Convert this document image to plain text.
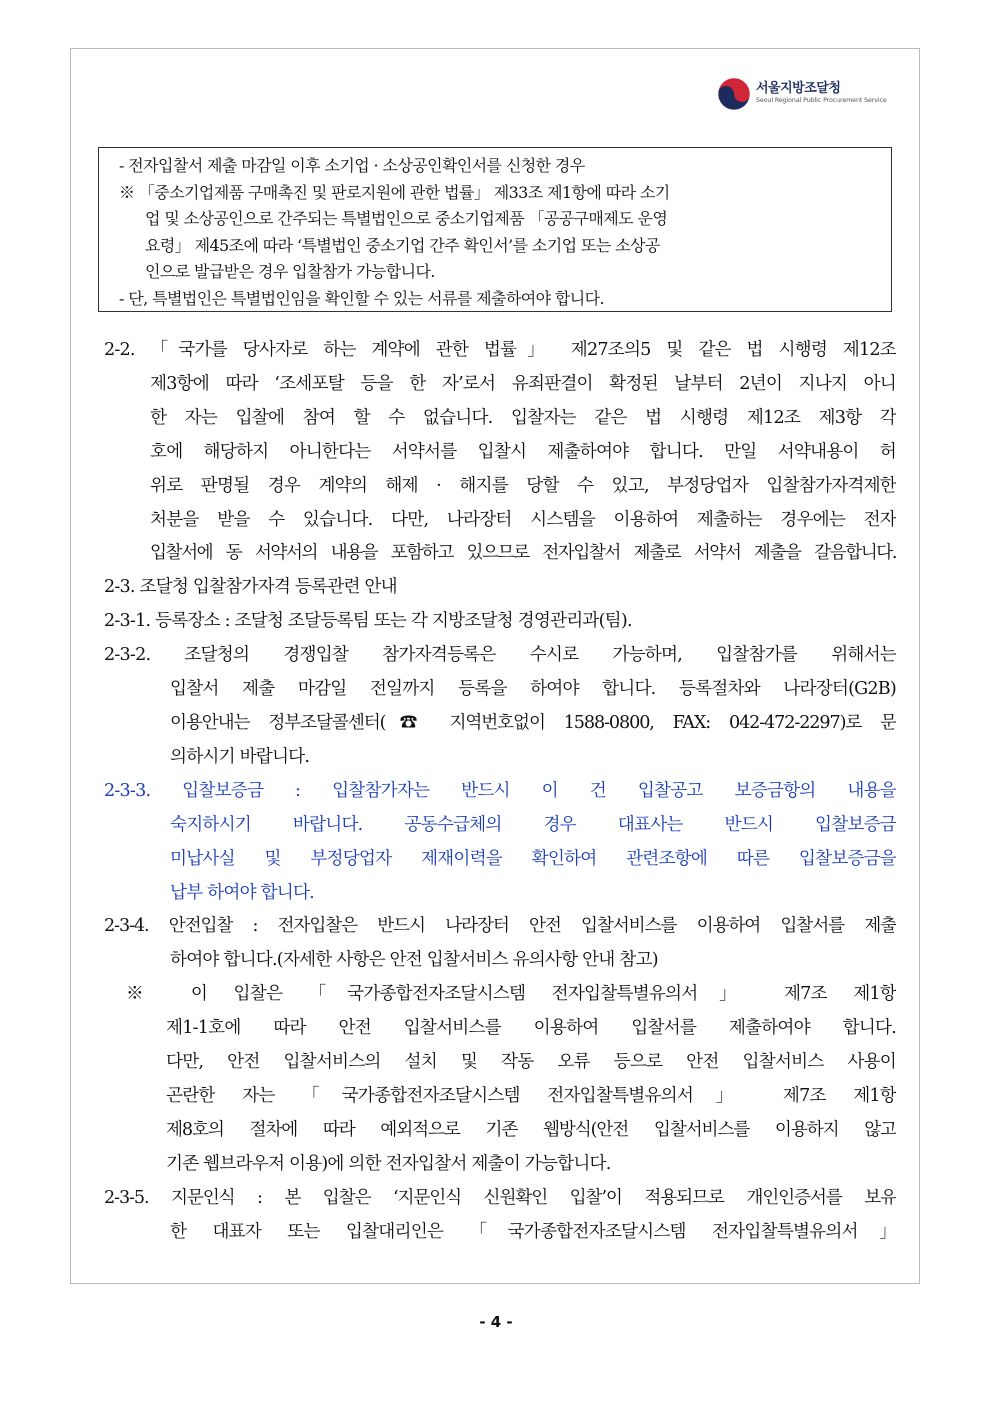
서울지방조달청
Seoul Regional Public Procurement Service
- 전자입찰서 제출 마감일 이후 소기업 · 소상공인확인서를 신청한 경우
※ 「중소기업제품 구매촉진 및 판로지원에 관한 법률」 제33조 제1항에 따라 소기
업 및 소상공인으로 간주되는 특별법인으로 중소기업제품 「공공구매제도 운영
요령」 제45조에 따라 ‘특별법인 중소기업 간주 확인서’를 소기업 또는 소상공
인으로 발급받은 경우 입찰참가 가능합니다.
- 단, 특별법인은 특별법인임을 확인할 수 있는 서류를 제출하여야 합니다.
2-2. 「국가를 당사자로 하는 계약에 관한 법률」 제27조의5 및 같은 법 시행령 제12조
제3항에 따라 ‘조세포탈 등을 한 자’로서 유죄판결이 확정된 날부터 2년이 지나지 아니
한 자는 입찰에 참여 할 수 없습니다. 입찰자는 같은 법 시행령 제12조 제3항 각
호에 해당하지 아니한다는 서약서를 입찰시 제출하여야 합니다. 만일 서약내용이 허
위로 판명될 경우 계약의 해제 · 해지를 당할 수 있고, 부정당업자 입찰참가자격제한
처분을 받을 수 있습니다. 다만, 나라장터 시스템을 이용하여 제출하는 경우에는 전자
입찰서에 동 서약서의 내용을 포함하고 있으므로 전자입찰서 제출로 서약서 제출을 갈음합니다.
2-3. 조달청 입찰참가자격 등록관련 안내
2-3-1. 등록장소 : 조달청 조달등록팀 또는 각 지방조달청 경영관리과(팀).
2-3-2. 조달청의 경쟁입찰 참가자격등록은 수시로 가능하며, 입찰참가를 위해서는
입찰서 제출 마감일 전일까지 등록을 하여야 합니다. 등록절차와 나라장터(G2B)
이용안내는 정부조달콜센터(☎ 지역번호없이 1588-0800, FAX: 042-472-2297)로 문
의하시기 바랍니다.
2-3-3. 입찰보증금 : 입찰참가자는 반드시 이 건 입찰공고 보증금항의 내용을
숙지하시기 바랍니다. 공동수급체의 경우 대표사는 반드시 입찰보증금
미납사실 및 부정당업자 제재이력을 확인하여 관련조항에 따른 입찰보증금을
납부 하여야 합니다.
2-3-4. 안전입찰 : 전자입찰은 반드시 나라장터 안전 입찰서비스를 이용하여 입찰서를 제출
하여야 합니다.(자세한 사항은 안전 입찰서비스 유의사항 안내 참고)
※ 이 입찰은 「국가종합전자조달시스템 전자입찰특별유의서」 제7조 제1항
제1-1호에 따라 안전 입찰서비스를 이용하여 입찰서를 제출하여야 합니다.
다만, 안전 입찰서비스의 설치 및 작동 오류 등으로 안전 입찰서비스 사용이
곤란한 자는 「국가종합전자조달시스템 전자입찰특별유의서」 제7조 제1항
제8호의 절차에 따라 예외적으로 기존 웹방식(안전 입찰서비스를 이용하지 않고
기존 웹브라우저 이용)에 의한 전자입찰서 제출이 가능합니다.
2-3-5. 지문인식 : 본 입찰은 ‘지문인식 신원확인 입찰’이 적용되므로 개인인증서를 보유
한 대표자 또는 입찰대리인은 「국가종합전자조달시스템 전자입찰특별유의서」
- 4 -
